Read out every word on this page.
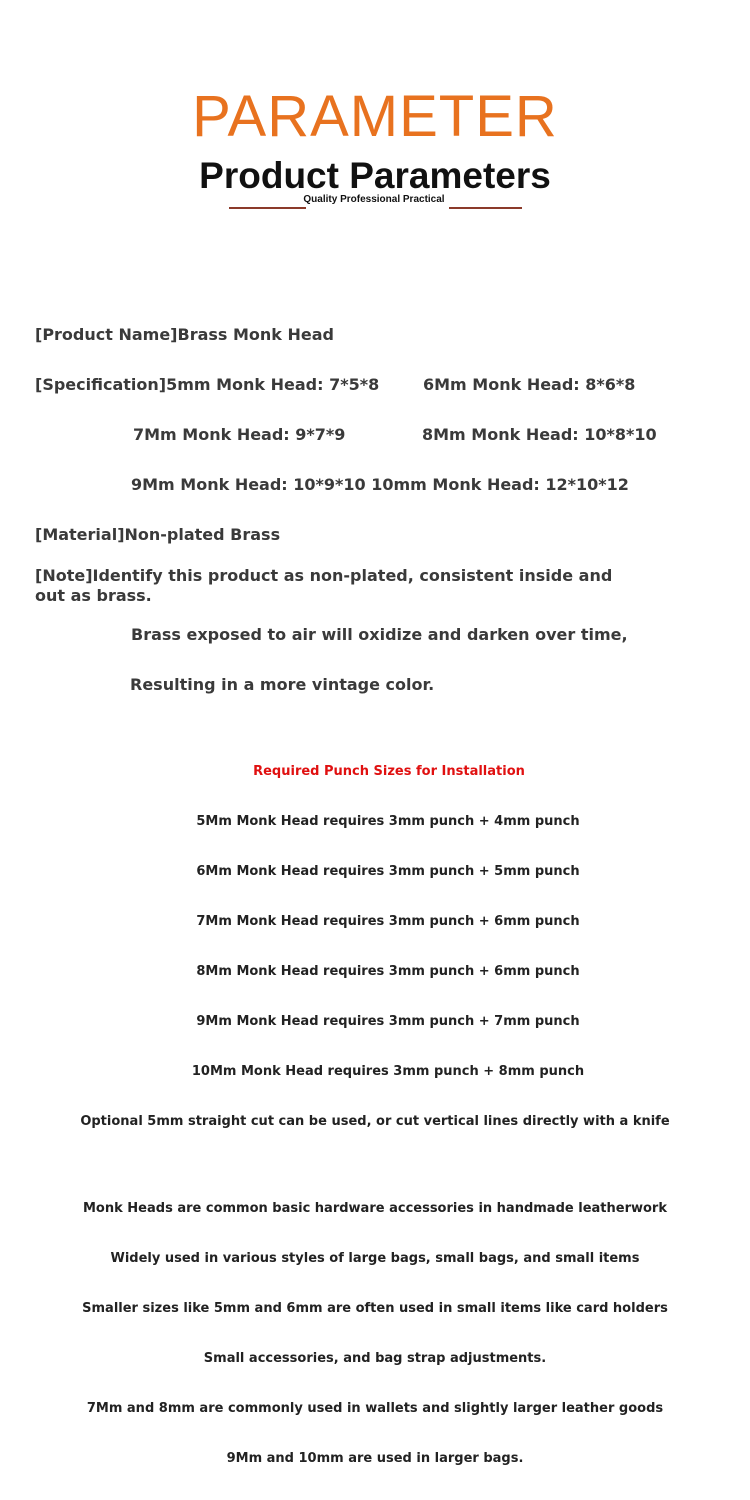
PARAMETER
Product Parameters
Quality Professional Practical
[Product Name]Brass Monk Head
[Specification]5mm Monk Head: 7*5*8	6Mm Monk Head: 8*6*8
7Mm Monk Head: 9*7*9	8Mm Monk Head: 10*8*10
9Mm Monk Head: 10*9*10 10mm Monk Head: 12*10*12
[Material]Non-plated Brass
[Note]Identify this product as non-plated, consistent inside and out as brass.
Brass exposed to air will oxidize and darken over time,
Resulting in a more vintage color.
Required Punch Sizes for Installation
5Mm Monk Head requires 3mm punch + 4mm punch
6Mm Monk Head requires 3mm punch + 5mm punch
7Mm Monk Head requires 3mm punch + 6mm punch
8Mm Monk Head requires 3mm punch + 6mm punch
9Mm Monk Head requires 3mm punch + 7mm punch
10Mm Monk Head requires 3mm punch + 8mm punch
Optional 5mm straight cut can be used, or cut vertical lines directly with a knife
Monk Heads are common basic hardware accessories in handmade leatherwork
Widely used in various styles of large bags, small bags, and small items
Smaller sizes like 5mm and 6mm are often used in small items like card holders
Small accessories, and bag strap adjustments.
7Mm and 8mm are commonly used in wallets and slightly larger leather goods
9Mm and 10mm are used in larger bags.
